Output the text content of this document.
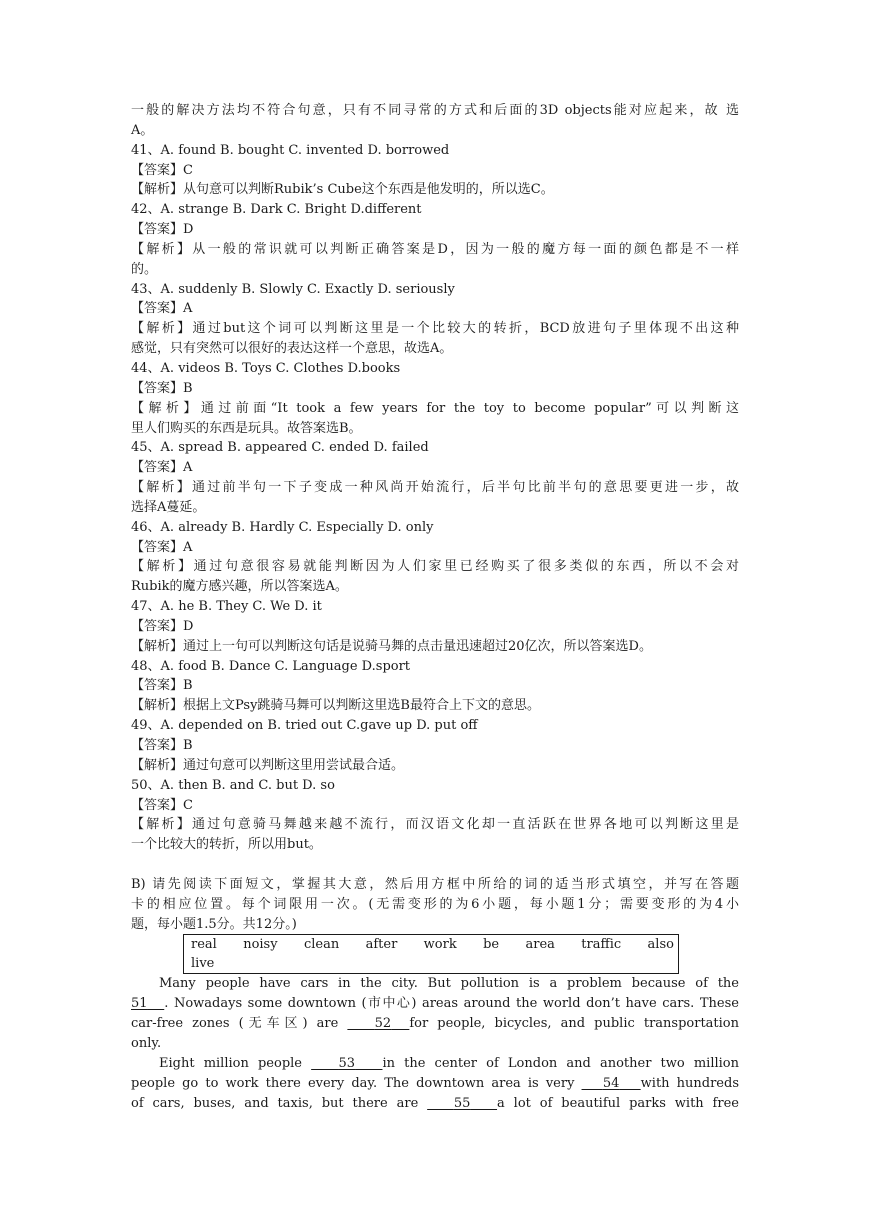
一般的解决方法均不符合句意，只有不同寻常的方式和后面的3D objects能对应起来，故 选
A。
41、A. found B. bought C. invented D. borrowed
【答案】C
【解析】从句意可以判断Rubik’s Cube这个东西是他发明的，所以选C。
42、A. strange B. Dark C. Bright D.different
【答案】D
【解析】从一般的常识就可以判断正确答案是D，因为一般的魔方每一面的颜色都是不一样
的。
43、A. suddenly B. Slowly C. Exactly D. seriously
【答案】A
【解析】通过but这个词可以判断这里是一个比较大的转折，BCD放进句子里体现不出这种
感觉，只有突然可以很好的表达这样一个意思，故选A。
44、A. videos B. Toys C. Clothes D.books
【答案】B
【解析】通过前面“It took a few years for the toy to become popular”可以判断这
里人们购买的东西是玩具。故答案选B。
45、A. spread B. appeared C. ended D. failed
【答案】A
【解析】通过前半句一下子变成一种风尚开始流行，后半句比前半句的意思要更进一步，故
选择A蔓延。
46、A. already B. Hardly C. Especially D. only
【答案】A
【解析】通过句意很容易就能判断因为人们家里已经购买了很多类似的东西，所以不会对
Rubik的魔方感兴趣，所以答案选A。
47、A. he B. They C. We D. it
【答案】D
【解析】通过上一句可以判断这句话是说骑马舞的点击量迅速超过20亿次，所以答案选D。
48、A. food B. Dance C. Language D.sport
【答案】B
【解析】根据上文Psy跳骑马舞可以判断这里选B最符合上下文的意思。
49、A. depended on B. tried out C.gave up D. put off
【答案】B
【解析】通过句意可以判断这里用尝试最合适。
50、A. then B. and C. but D. so
【答案】C
【解析】通过句意骑马舞越来越不流行，而汉语文化却一直活跃在世界各地可以判断这里是
一个比较大的转折，所以用but。
B) 请先阅读下面短文，掌握其大意，然后用方框中所给的词的适当形式填空，并写在答题
卡的相应位置。每个词限用一次。(无需变形的为6小题，每小题1分；需要变形的为4小
题，每小题1.5分。共12分。)
real noisy clean after work be area traffic also
live
Many people have cars in the city. But pollution is a problem because of the
51 . Nowadays some downtown (市中心) areas around the world don’t have cars. These
car-free zones (无车区) are	52 for people, bicycles, and public transportation
only.
Eight million people	53 in the center of London and another two million
people go to work there every day. The downtown area is very 54 with hundreds
of cars, buses, and taxis, but there are	55 a lot of beautiful parks with free
